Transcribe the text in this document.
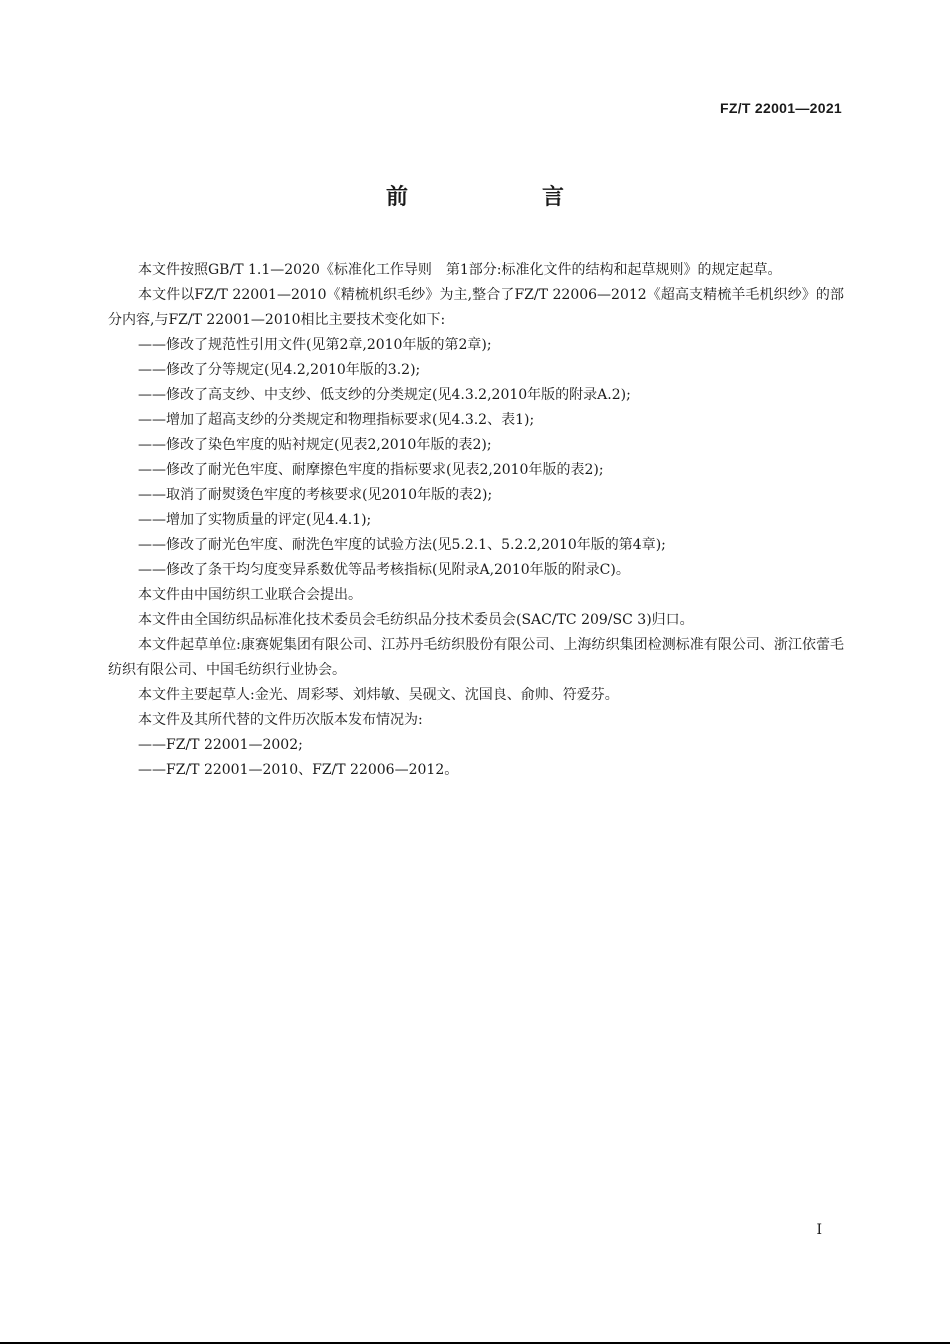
FZ/T 22001—2021
前　言

本文件按照GB/T 1.1—2020《标准化工作导则　第1部分:标准化文件的结构和起草规则》的规定起草。

本文件以FZ/T 22001—2010《精梳机织毛纱》为主,整合了FZ/T 22006—2012《超高支精梳羊毛机织纱》的部分内容,与FZ/T 22001—2010相比主要技术变化如下:

——修改了规范性引用文件(见第2章,2010年版的第2章);

——修改了分等规定(见4.2,2010年版的3.2);

——修改了高支纱、中支纱、低支纱的分类规定(见4.3.2,2010年版的附录A.2);

——增加了超高支纱的分类规定和物理指标要求(见4.3.2、表1);

——修改了染色牢度的贴衬规定(见表2,2010年版的表2);

——修改了耐光色牢度、耐摩擦色牢度的指标要求(见表2,2010年版的表2);

——取消了耐熨烫色牢度的考核要求(见2010年版的表2);

——增加了实物质量的评定(见4.4.1);

——修改了耐光色牢度、耐洗色牢度的试验方法(见5.2.1、5.2.2,2010年版的第4章);

——修改了条干均匀度变异系数优等品考核指标(见附录A,2010年版的附录C)。

本文件由中国纺织工业联合会提出。

本文件由全国纺织品标准化技术委员会毛纺织品分技术委员会(SAC/TC 209/SC 3)归口。

本文件起草单位:康赛妮集团有限公司、江苏丹毛纺织股份有限公司、上海纺织集团检测标准有限公司、浙江依蕾毛纺织有限公司、中国毛纺织行业协会。

本文件主要起草人:金光、周彩琴、刘炜敏、吴砚文、沈国良、俞帅、符爱芬。

本文件及其所代替的文件历次版本发布情况为:

——FZ/T 22001—2002;

——FZ/T 22001—2010、FZ/T 22006—2012。

I
